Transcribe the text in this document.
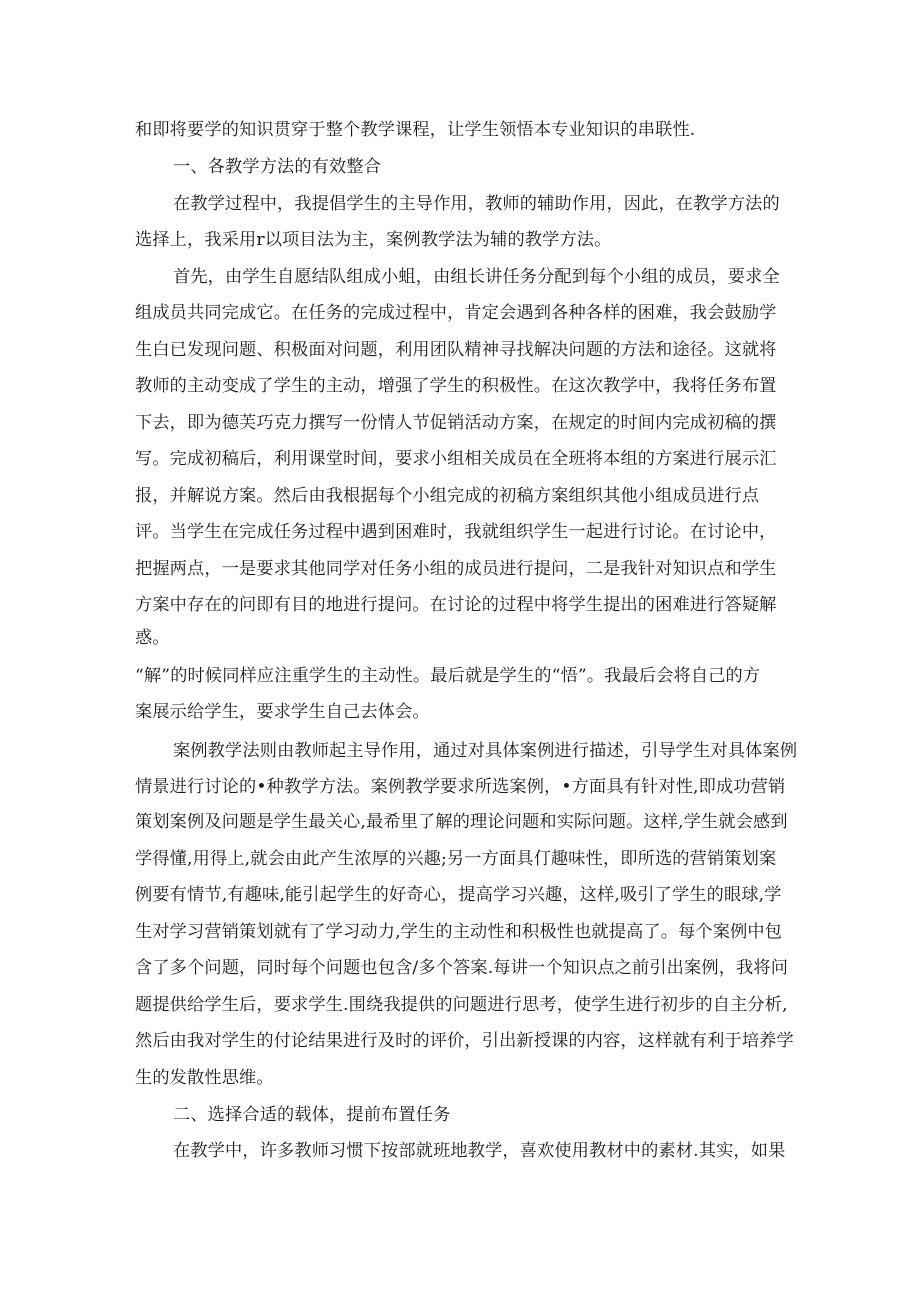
和即将要学的知识贯穿于整个教学课程，让学生领悟本专业知识的串联性.
一、各教学方法的有效整合
在教学过程中，我提倡学生的主导作用，教师的辅助作用，因此，在教学方法的
选择上，我采用r以项目法为主，案例教学法为辅的教学方法。
首先，由学生自愿结队组成小蛆，由组长讲任务分配到每个小组的成员，要求全
组成员共同完成它。在任务的完成过程中，肯定会遇到各种各样的困难，我会鼓励学
生白已发现问题、积极面对问题，利用团队精神寻找解决问题的方法和途径。这就将
教师的主动变成了学生的主动，增强了学生的积极性。在这次教学中，我将任务布置
下去，即为德芙巧克力撰写一份情人节促销活动方案，在规定的时间内完成初稿的撰
写。完成初稿后，利用课堂时间，要求小组相关成员在全班将本组的方案进行展示汇
报，并解说方案。然后由我根据每个小组完成的初稿方案组织其他小组成员进行点
评。当学生在完成任务过程中遇到困难时，我就组织学生一起进行讨论。在讨论中，
把握两点，一是要求其他同学对任务小组的成员进行提问，二是我针对知识点和学生
方案中存在的问即有目的地进行提问。在讨论的过程中将学生提出的困难进行答疑解
惑。
“解”的时候同样应注重学生的主动性。最后就是学生的“悟”。我最后会将自己的方
案展示给学生，要求学生自己去体会。
案例教学法则由教师起主导作用，通过对具体案例进行描述，引导学生对具体案例
情景进行讨论的•种教学方法。案例教学要求所选案例，•方面具有针对性,即成功营销
策划案例及问题是学生最关心,最希里了解的理论问题和实际问题。这样,学生就会感到
学得懂,用得上,就会由此产生浓厚的兴趣;另一方面具仃趣味性，即所选的营销策划案
例要有情节,有趣味,能引起学生的好奇心，提高学习兴趣，这样,吸引了学生的眼球,学
生对学习营销策划就有了学习动力,学生的主动性和积极性也就提高了。每个案例中包
含了多个问题，同时每个问题也包含/多个答案.每讲一个知识点之前引出案例，我将问
题提供给学生后，要求学生.围绕我提供的问题进行思考，使学生进行初步的自主分析,
然后由我对学生的付论结果进行及时的评价，引出新授课的内容，这样就有利于培养学
生的发散性思维。
二、选择合适的载体，提前布置任务
在教学中，许多教师习惯下按部就班地教学，喜欢使用教材中的素材.其实，如果
